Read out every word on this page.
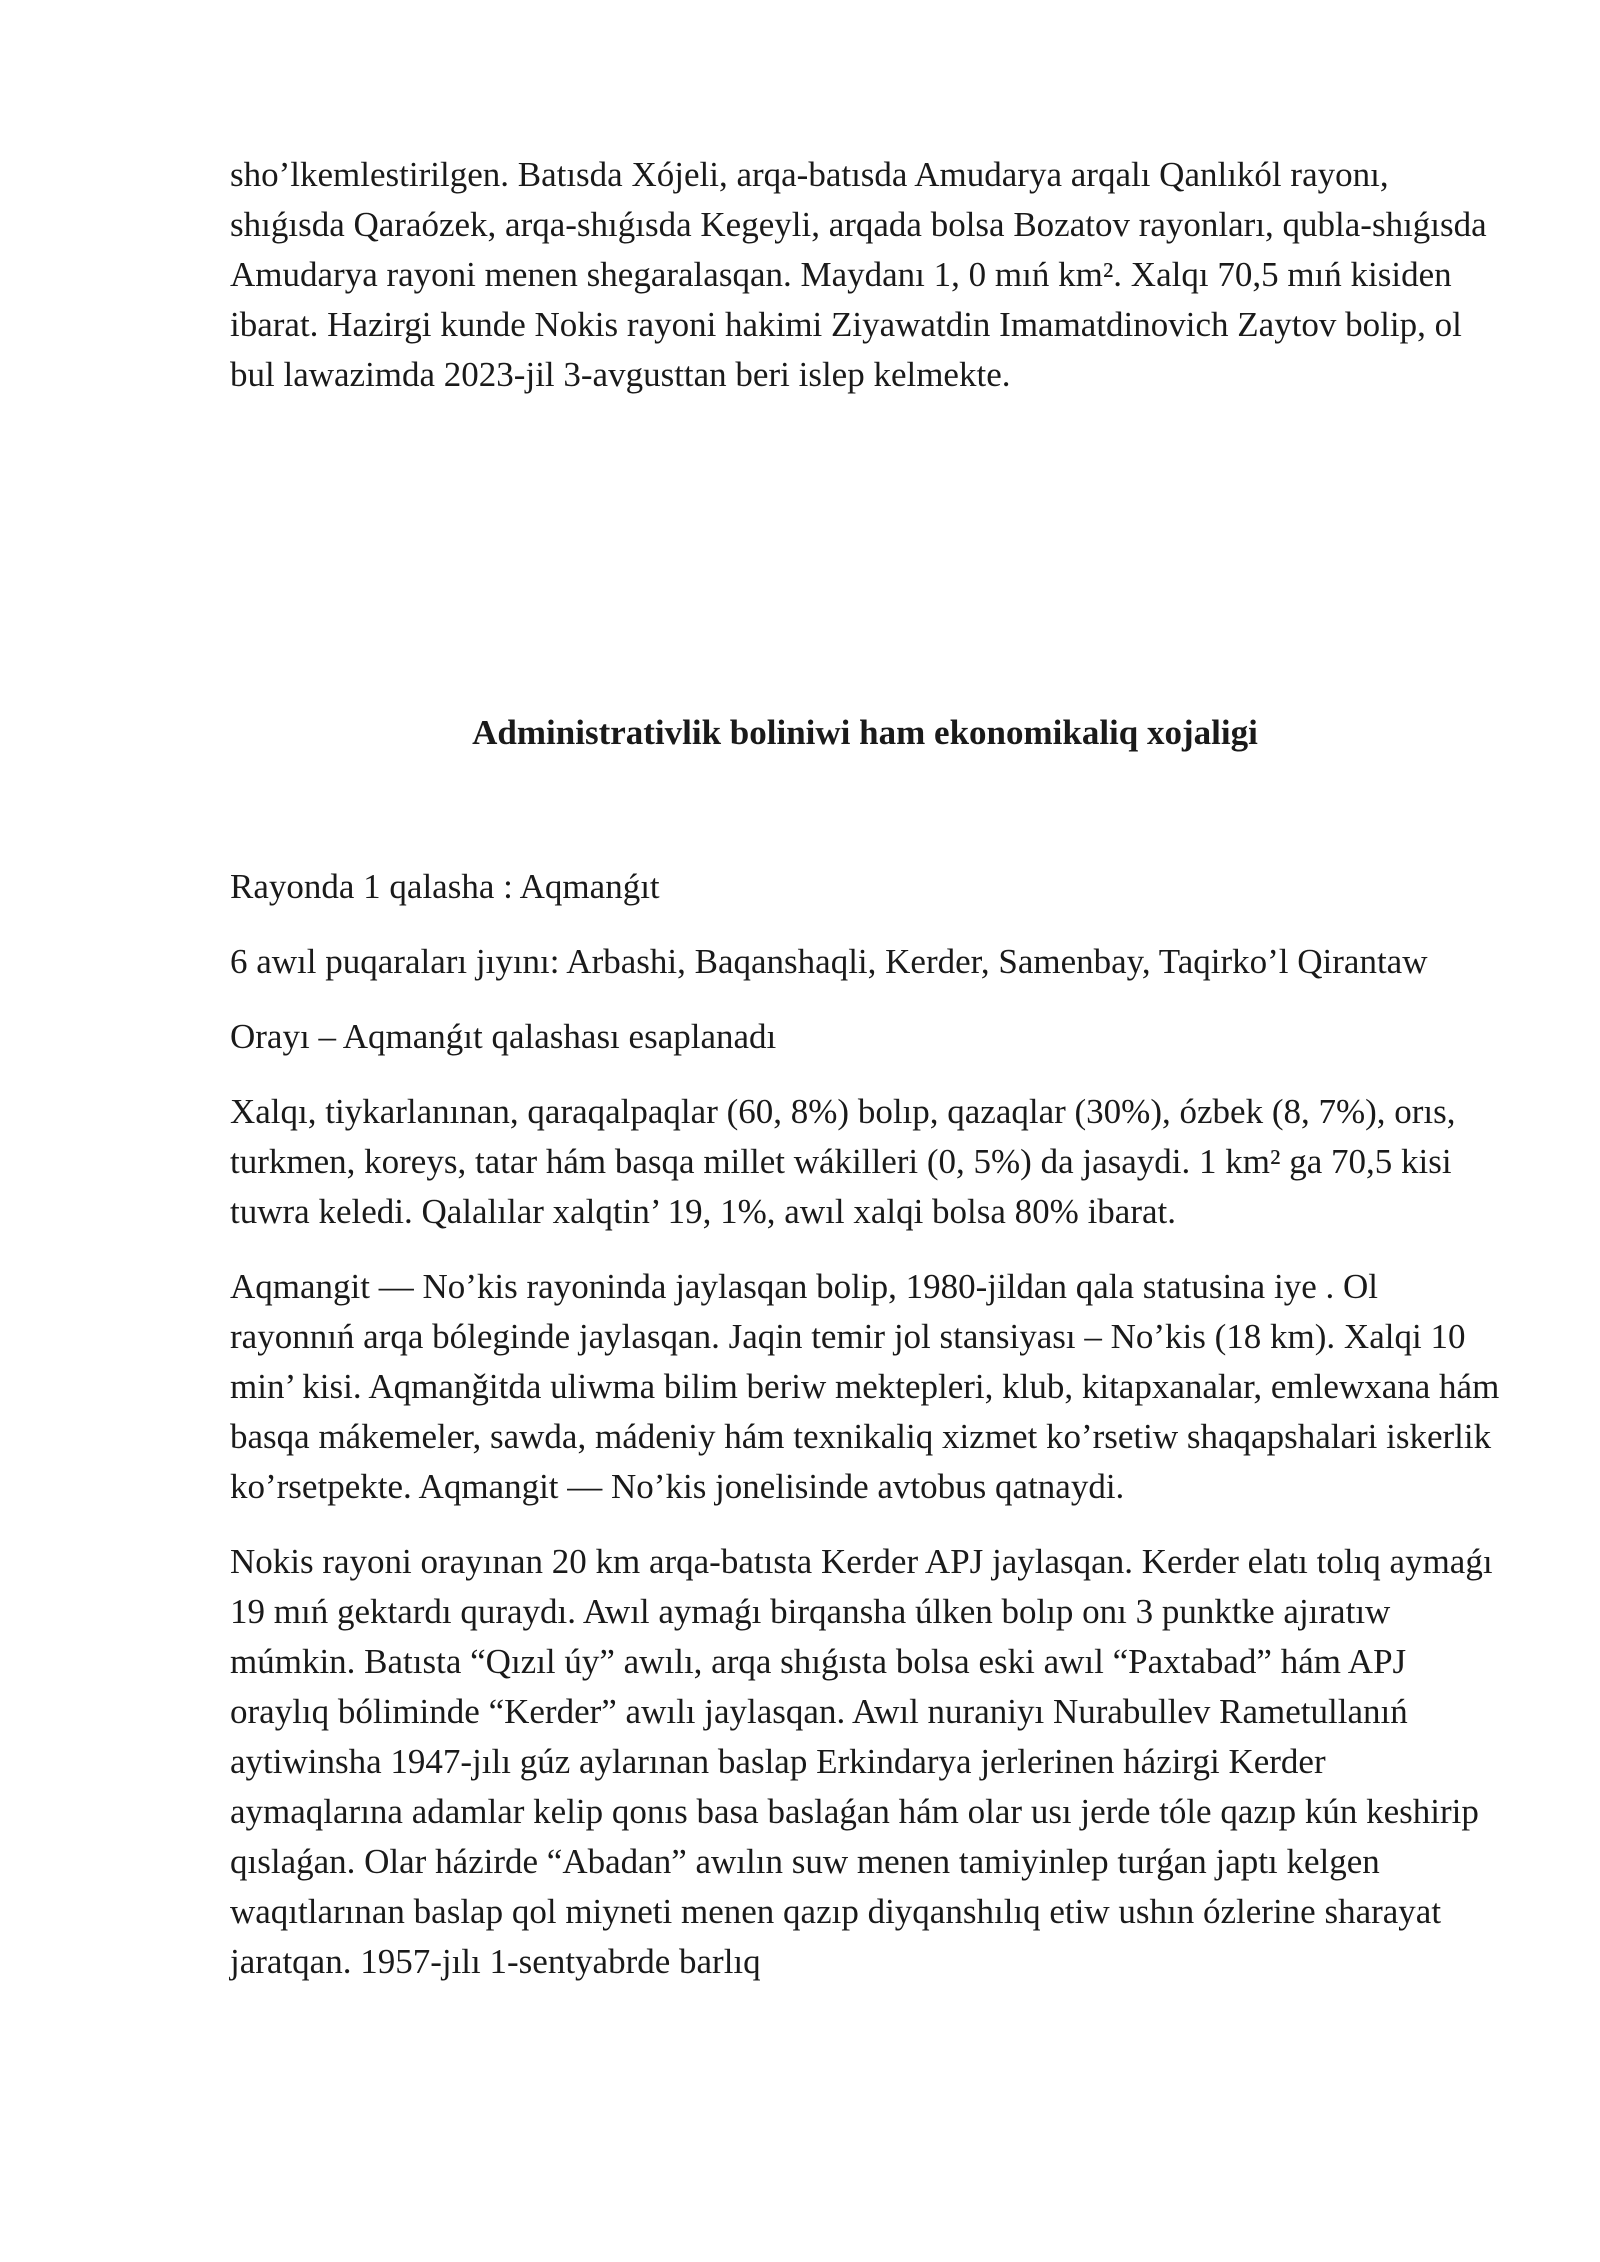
sho’lkemlestirilgen. Batısda Xójeli, arqa-batısda Amudarya arqalı Qanlıkól rayonı, shıǵısda Qaraózek, arqa-shıǵısda Kegeyli, arqada bolsa Bozatov rayonları, qubla-shıǵısda Amudarya rayoni menen shegaralasqan. Maydanı 1, 0 mıń km². Xalqı 70,5 mıń kisiden ibarat. Hazirgi kunde Nokis rayoni hakimi Ziyawatdin Imamatdinovich Zaytov bolip, ol bul lawazimda 2023-jil 3-avgusttan beri islep kelmekte.

Administrativlik boliniwi ham ekonomikaliq xojaligi

Rayonda 1 qalasha : Aqmanǵıt

6 awıl puqaraları jıyını: Arbashi, Baqanshaqli, Kerder, Samenbay, Taqirko’l Qirantaw

Orayı – Aqmanǵıt qalashası esaplanadı

Xalqı, tiykarlanınan, qaraqalpaqlar (60, 8%) bolıp, qazaqlar (30%), ózbek (8, 7%), orıs, turkmen, koreys, tatar hám basqa millet wákilleri (0, 5%) da jasaydi. 1 km² ga 70,5 kisi tuwra keledi. Qalalılar xalqtin’ 19, 1%, awıl xalqi bolsa 80% ibarat.

Aqmangit — No’kis rayoninda jaylasqan bolip, 1980-jildan qala statusina iye . Ol rayonnıń arqa bóleginde jaylasqan. Jaqin temir jol stansiyası – No’kis (18 km). Xalqi 10 min’ kisi. Aqmanǧitda uliwma bilim beriw mektepleri, klub, kitapxanalar, emlewxana hám basqa mákemeler, sawda, mádeniy hám texnikaliq xizmet ko’rsetiw shaqapshalari iskerlik ko’rsetpekte. Aqmangit — No’kis jonelisinde avtobus qatnaydi.

Nokis rayoni orayınan 20 km arqa-batısta Kerder APJ jaylasqan. Kerder elatı tolıq aymaǵı 19 mıń gektardı quraydı. Awıl aymaǵı birqansha úlken bolıp onı 3 punktke ajıratıw múmkin. Batısta “Qızıl úy” awılı, arqa shıǵısta bolsa eski awıl “Paxtabad” hám APJ oraylıq bóliminde “Kerder” awılı jaylasqan. Awıl nuraniyı Nurabullev Rametullanıń aytiwinsha 1947-jılı gúz aylarınan baslap Erkindarya jerlerinen házirgi Kerder aymaqlarına adamlar kelip qonıs basa baslaǵan hám olar usı jerde tóle qazıp kún keshirip qıslaǵan. Olar házirde “Abadan” awılın suw menen tamiyinlep turǵan japtı kelgen waqıtlarınan baslap qol miyneti menen qazıp diyqanshılıq etiw ushın ózlerine sharayat jaratqan. 1957-jılı 1-sentyabrde barlıq
